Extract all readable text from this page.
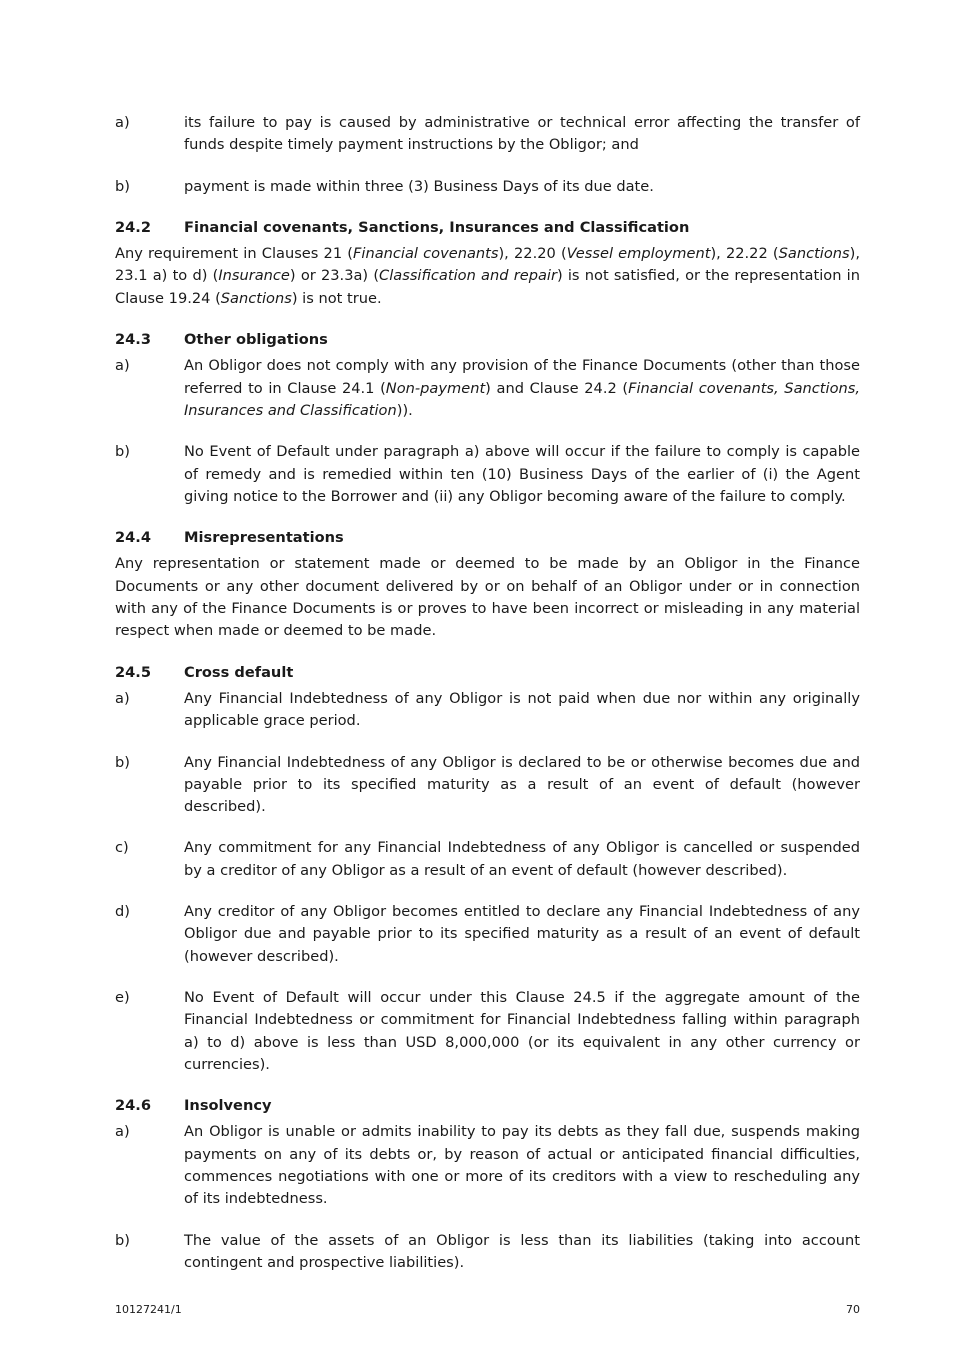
a)	its failure to pay is caused by administrative or technical error affecting the transfer of funds despite timely payment instructions by the Obligor; and
b)	payment is made within three (3) Business Days of its due date.
24.2	Financial covenants, Sanctions, Insurances and Classification
Any requirement in Clauses 21 (Financial covenants), 22.20 (Vessel employment), 22.22 (Sanctions), 23.1 a) to d) (Insurance) or 23.3a) (Classification and repair) is not satisfied, or the representation in Clause 19.24 (Sanctions) is not true.
24.3	Other obligations
a)	An Obligor does not comply with any provision of the Finance Documents (other than those referred to in Clause 24.1 (Non-payment) and Clause 24.2 (Financial covenants, Sanctions, Insurances and Classification)).
b)	No Event of Default under paragraph a) above will occur if the failure to comply is capable of remedy and is remedied within ten (10) Business Days of the earlier of (i) the Agent giving notice to the Borrower and (ii) any Obligor becoming aware of the failure to comply.
24.4	Misrepresentations
Any representation or statement made or deemed to be made by an Obligor in the Finance Documents or any other document delivered by or on behalf of an Obligor under or in connection with any of the Finance Documents is or proves to have been incorrect or misleading in any material respect when made or deemed to be made.
24.5	Cross default
a)	Any Financial Indebtedness of any Obligor is not paid when due nor within any originally applicable grace period.
b)	Any Financial Indebtedness of any Obligor is declared to be or otherwise becomes due and payable prior to its specified maturity as a result of an event of default (however described).
c)	Any commitment for any Financial Indebtedness of any Obligor is cancelled or suspended by a creditor of any Obligor as a result of an event of default (however described).
d)	Any creditor of any Obligor becomes entitled to declare any Financial Indebtedness of any Obligor due and payable prior to its specified maturity as a result of an event of default (however described).
e)	No Event of Default will occur under this Clause 24.5 if the aggregate amount of the Financial Indebtedness or commitment for Financial Indebtedness falling within paragraph a) to d) above is less than USD 8,000,000 (or its equivalent in any other currency or currencies).
24.6	Insolvency
a)	An Obligor is unable or admits inability to pay its debts as they fall due, suspends making payments on any of its debts or, by reason of actual or anticipated financial difficulties, commences negotiations with one or more of its creditors with a view to rescheduling any of its indebtedness.
b)	The value of the assets of an Obligor is less than its liabilities (taking into account contingent and prospective liabilities).
10127241/1	70
